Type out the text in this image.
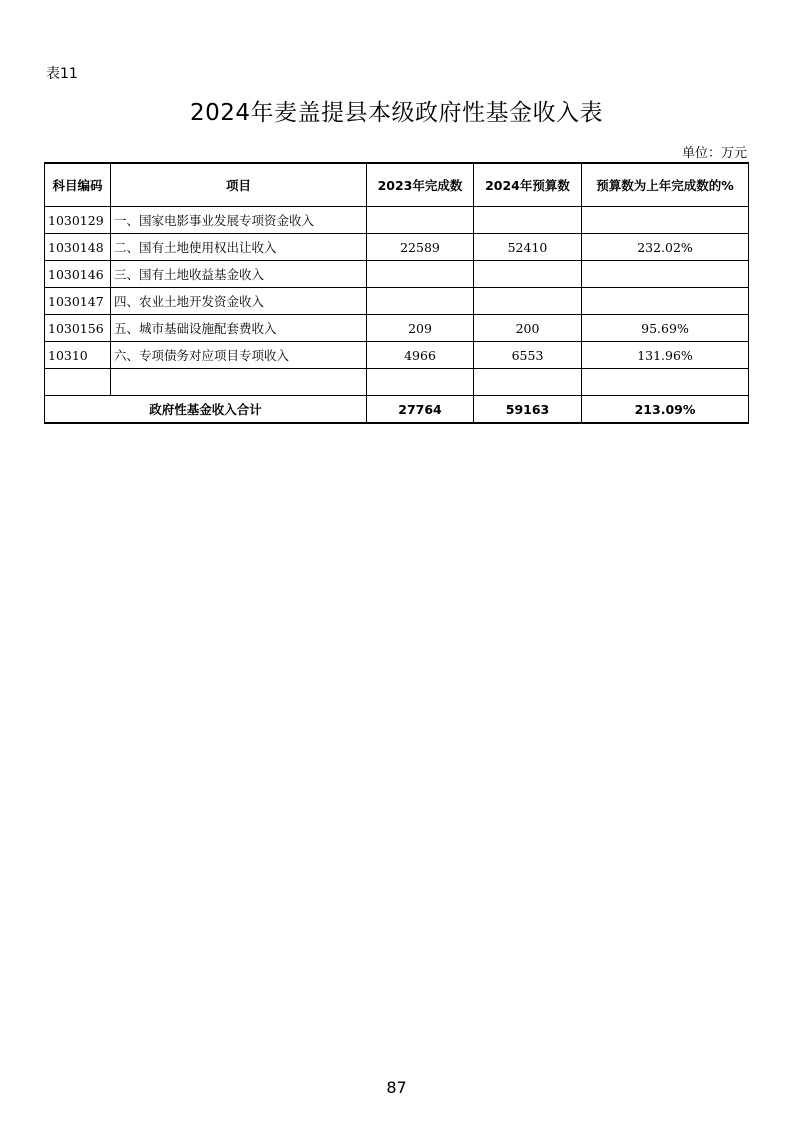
表11
2024年麦盖提县本级政府性基金收入表
单位：万元
科目编码	项目	2023年完成数	2024年预算数	预算数为上年完成数的%
1030129	一、国家电影事业发展专项资金收入			
1030148	二、国有土地使用权出让收入	22589	52410	232.02%
1030146	三、国有土地收益基金收入			
1030147	四、农业土地开发资金收入			
1030156	五、城市基础设施配套费收入	209	200	95.69%
10310	六、专项债务对应项目专项收入	4966	6553	131.96%

政府性基金收入合计		27764	59163	213.09%
87
